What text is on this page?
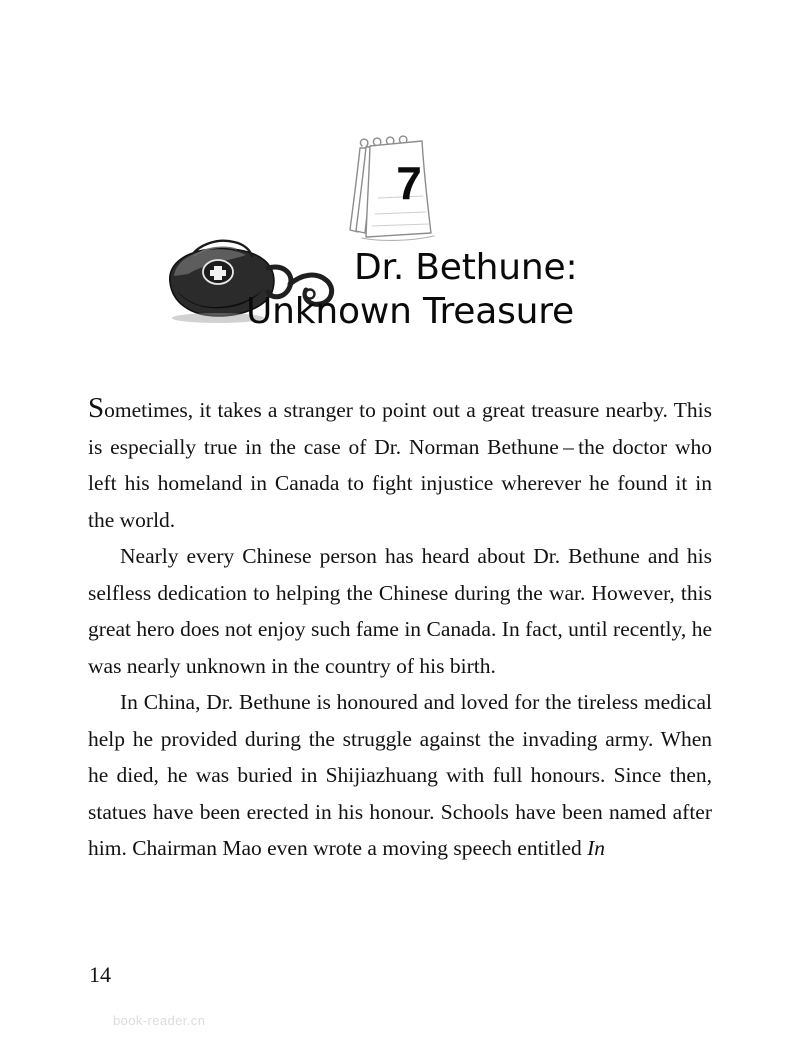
7
Dr. Bethune:
Unknown Treasure

Sometimes, it takes a stranger to point out a great treasure nearby. This is especially true in the case of Dr. Norman Bethune – the doctor who left his homeland in Canada to fight injustice wherever he found it in the world.

Nearly every Chinese person has heard about Dr. Bethune and his selfless dedication to helping the Chinese during the war. However, this great hero does not enjoy such fame in Canada. In fact, until recently, he was nearly unknown in the country of his birth.

In China, Dr. Bethune is honoured and loved for the tireless medical help he provided during the struggle against the invading army. When he died, he was buried in Shijiazhuang with full honours. Since then, statues have been erected in his honour. Schools have been named after him. Chairman Mao even wrote a moving speech entitled In

14
book-reader.cn
